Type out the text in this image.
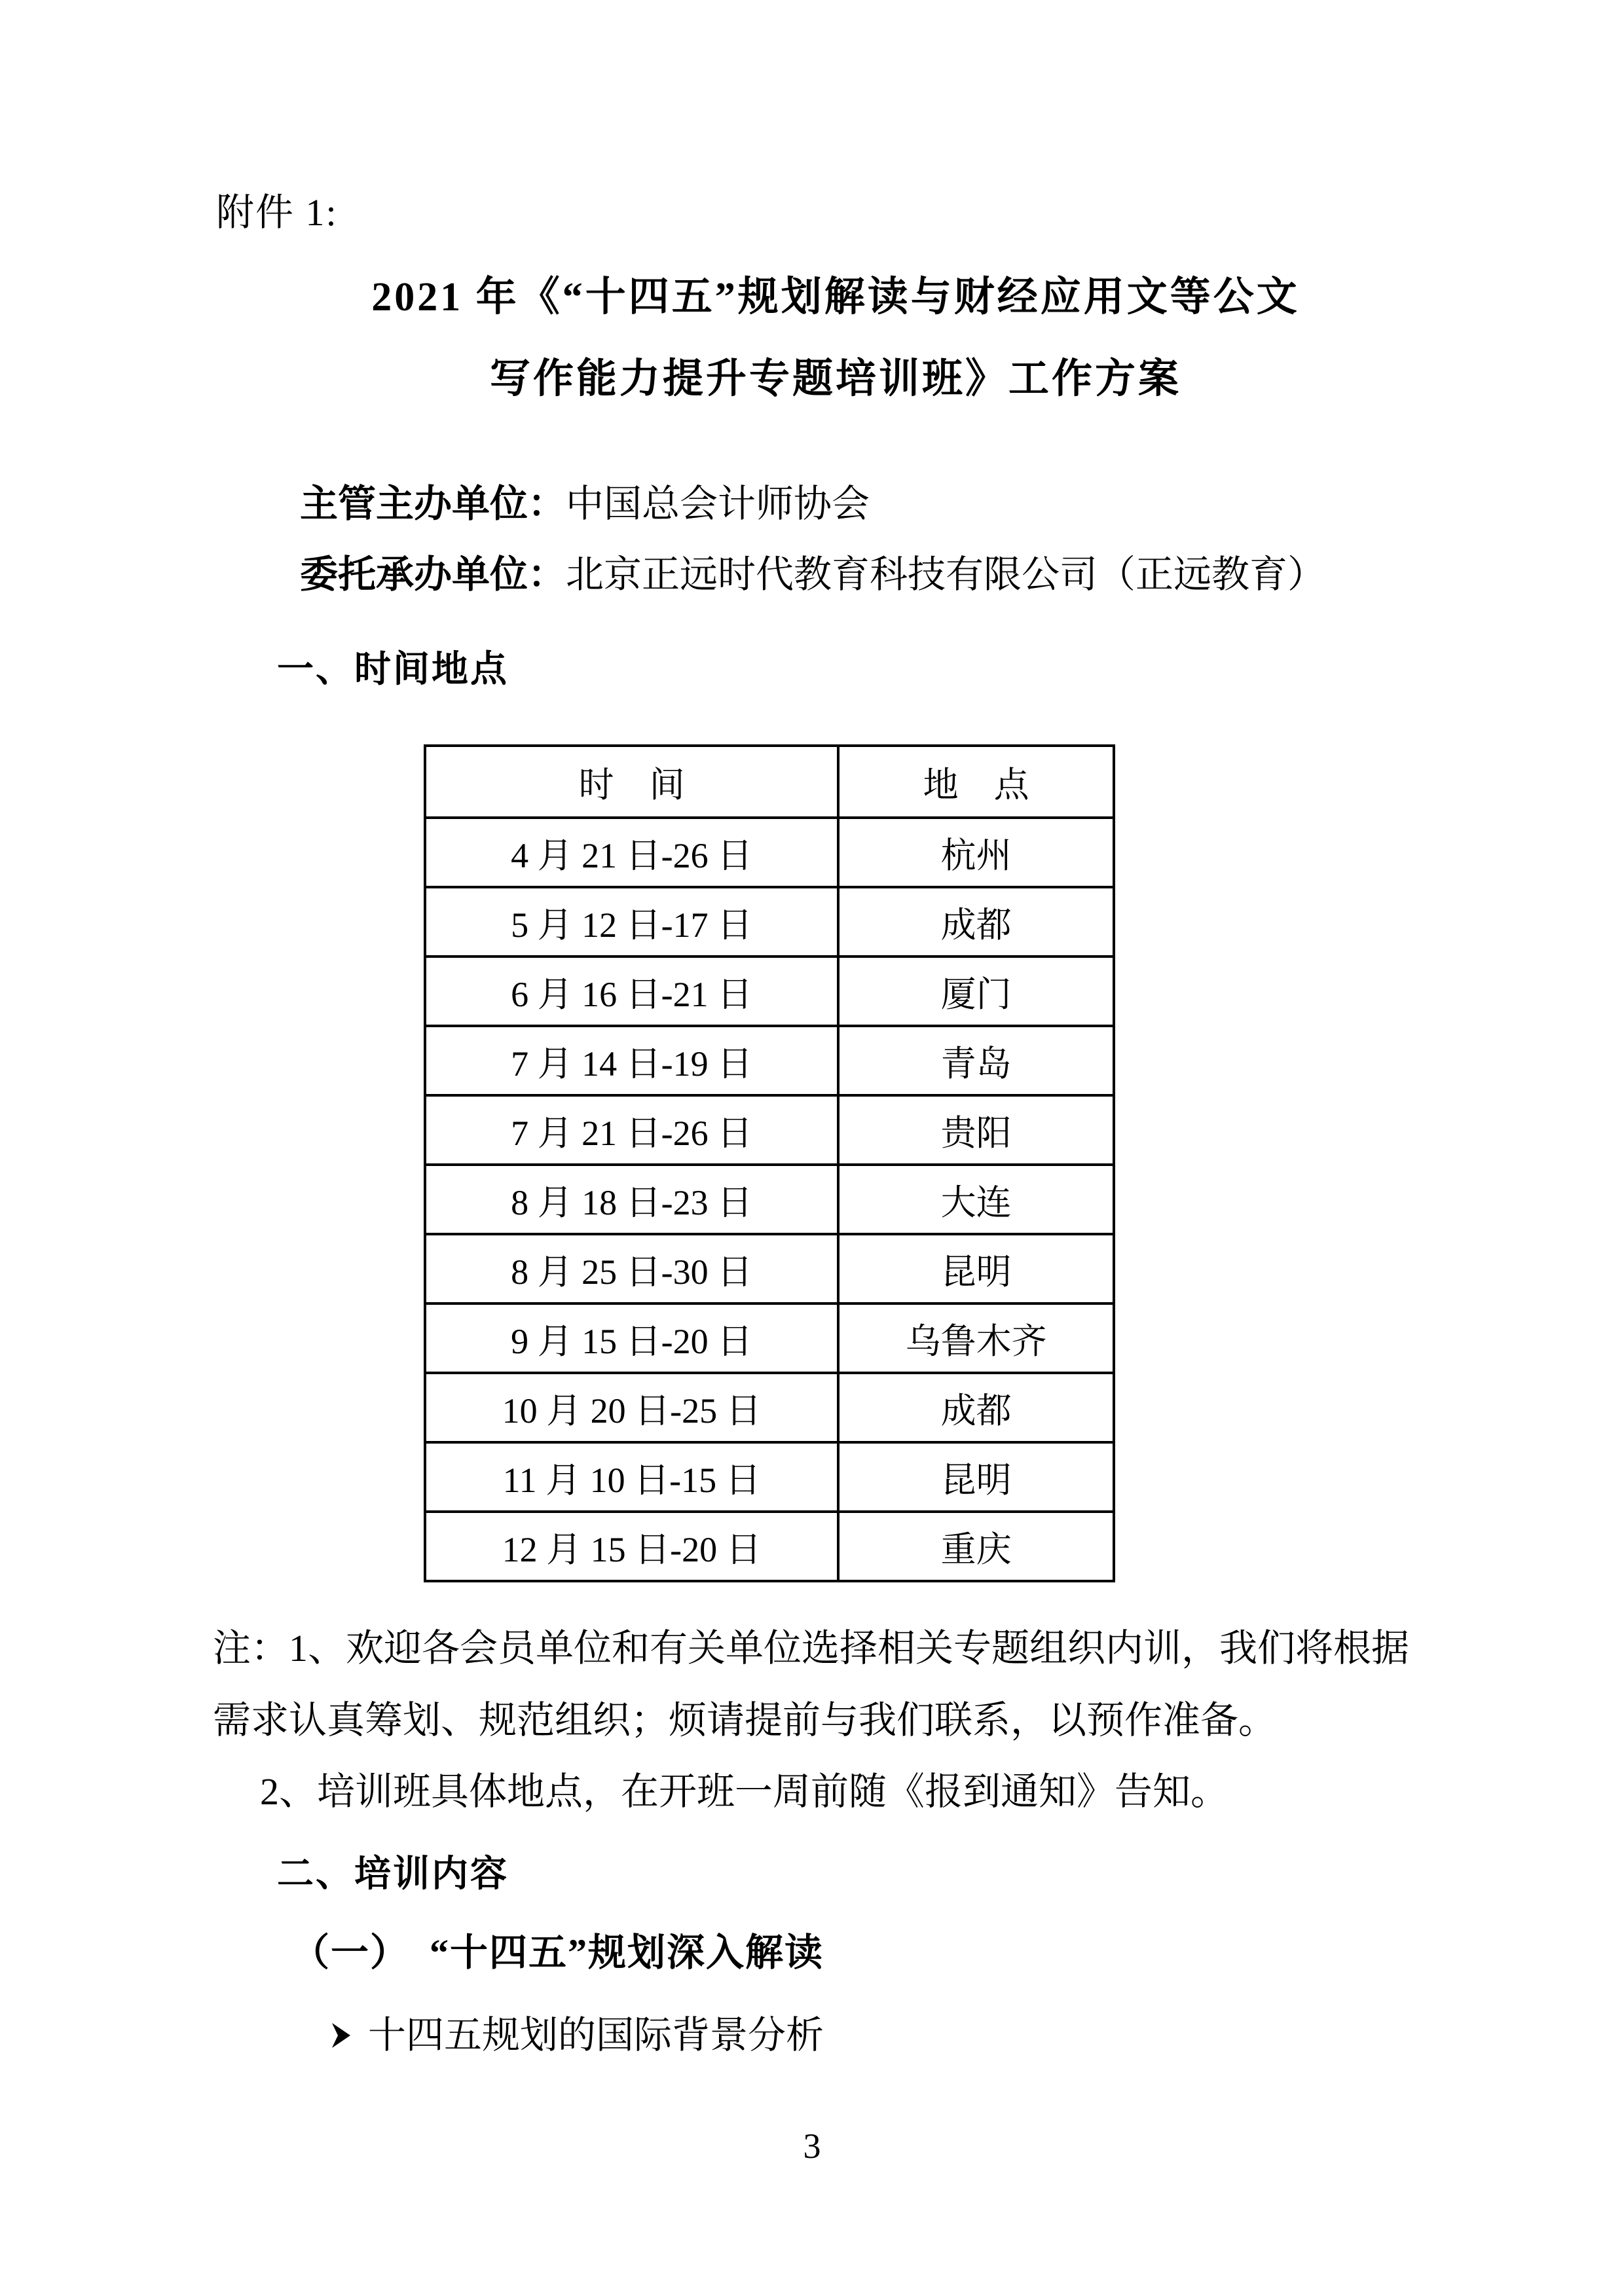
附件 1:
2021 年《“十四五”规划解读与财经应用文等公文
写作能力提升专题培训班》工作方案
主管主办单位：中国总会计师协会
委托承办单位：北京正远时代教育科技有限公司（正远教育）
一、时间地点
时　间	地　点
4 月 21 日-26 日	杭州
5 月 12 日-17 日	成都
6 月 16 日-21 日	厦门
7 月 14 日-19 日	青岛
7 月 21 日-26 日	贵阳
8 月 18 日-23 日	大连
8 月 25 日-30 日	昆明
9 月 15 日-20 日	乌鲁木齐
10 月 20 日-25 日	成都
11 月 10 日-15 日	昆明
12 月 15 日-20 日	重庆
注：1、欢迎各会员单位和有关单位选择相关专题组织内训，我们将根据
需求认真筹划、规范组织；烦请提前与我们联系，以预作准备。
2、培训班具体地点，在开班一周前随《报到通知》告知。
二、培训内容
（一）　“十四五”规划深入解读
十四五规划的国际背景分析
3
